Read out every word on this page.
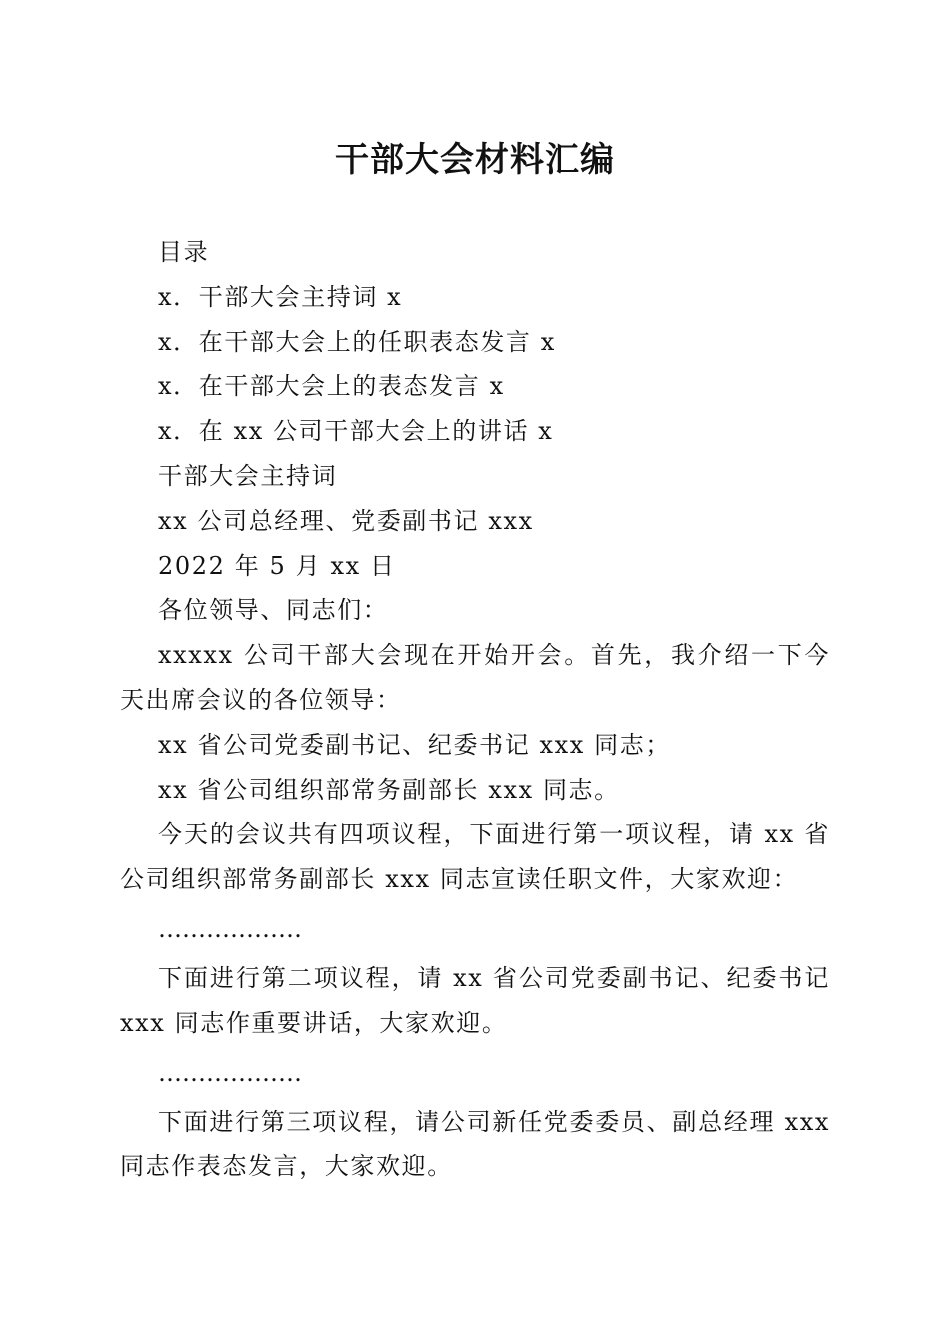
干部大会材料汇编

目录

x．干部大会主持词 x

x．在干部大会上的任职表态发言 x

x．在干部大会上的表态发言 x

x．在 xx 公司干部大会上的讲话 x

干部大会主持词

xx 公司总经理、党委副书记 xxx

2022 年 5 月 xx 日

各位领导、同志们：

xxxxx 公司干部大会现在开始开会。首先，我介绍一下今天出席会议的各位领导：

xx 省公司党委副书记、纪委书记 xxx 同志；

xx 省公司组织部常务副部长 xxx 同志。

今天的会议共有四项议程，下面进行第一项议程，请 xx 省公司组织部常务副部长 xxx 同志宣读任职文件，大家欢迎：

………………

下面进行第二项议程，请 xx 省公司党委副书记、纪委书记 xxx 同志作重要讲话，大家欢迎。

………………

下面进行第三项议程，请公司新任党委委员、副总经理 xxx 同志作表态发言，大家欢迎。
